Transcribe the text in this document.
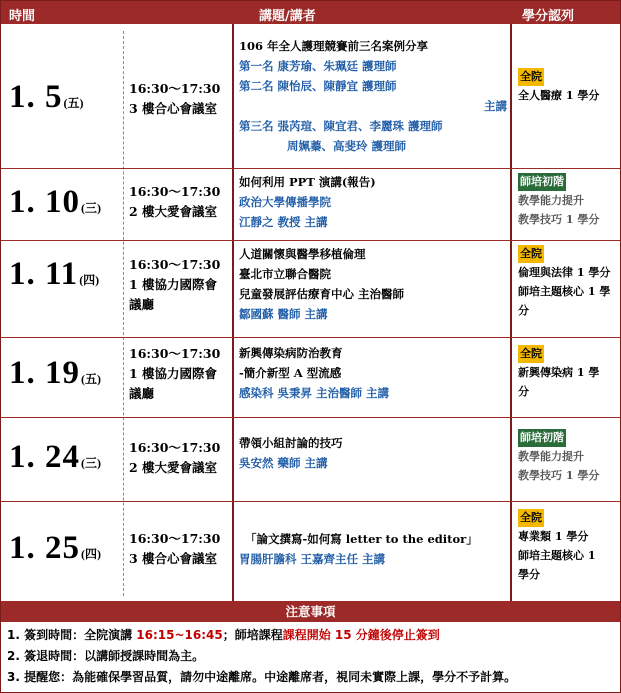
時間	講題/講者	學分認列
1. 5(五)
16:30～17:30
3 樓合心會議室
106 年全人護理競賽前三名案例分享
第一名 康芳瑜、朱珮廷 護理師
第二名 陳怡辰、陳靜宜 護理師
主講
第三名 張芮瑄、陳宜君、李麗珠 護理師
周姵蓁、高斐玲 護理師
全院
全人醫療 1 學分
1. 10(三)
16:30～17:30
2 樓大愛會議室
如何利用 PPT 演講(報告)
政治大學傳播學院
江靜之 教授 主講
師培初階
教學能力提升
教學技巧 1 學分
1. 11(四)
16:30～17:30
1 樓協力國際會議廳
人道關懷與醫學移植倫理
臺北市立聯合醫院
兒童發展評估療育中心 主治醫師
鄒國蘇 醫師 主講
全院
倫理與法律 1 學分
師培主題核心 1 學
分
1. 19(五)
16:30～17:30
1 樓協力國際會議廳
新興傳染病防治教育
-簡介新型 A 型流感
感染科 吳秉昇 主治醫師 主講
全院
新興傳染病 1 學
分
1. 24(三)
16:30～17:30
2 樓大愛會議室
帶領小組討論的技巧
吳安然 藥師 主講
師培初階
教學能力提升
教學技巧 1 學分
1. 25(四)
16:30～17:30
3 樓合心會議室
「論文撰寫-如何寫 letter to the editor」
胃腸肝膽科 王嘉齊主任 主講
全院
專業類 1 學分
師培主題核心 1
學分
注意事項
1. 簽到時間：全院演講 16:15~16:45；師培課程課程開始 15 分鐘後停止簽到
2. 簽退時間：以講師授課時間為主。
3. 提醒您：為能確保學習品質，請勿中途離席。中途離席者，視同未實際上課，學分不予計算。
